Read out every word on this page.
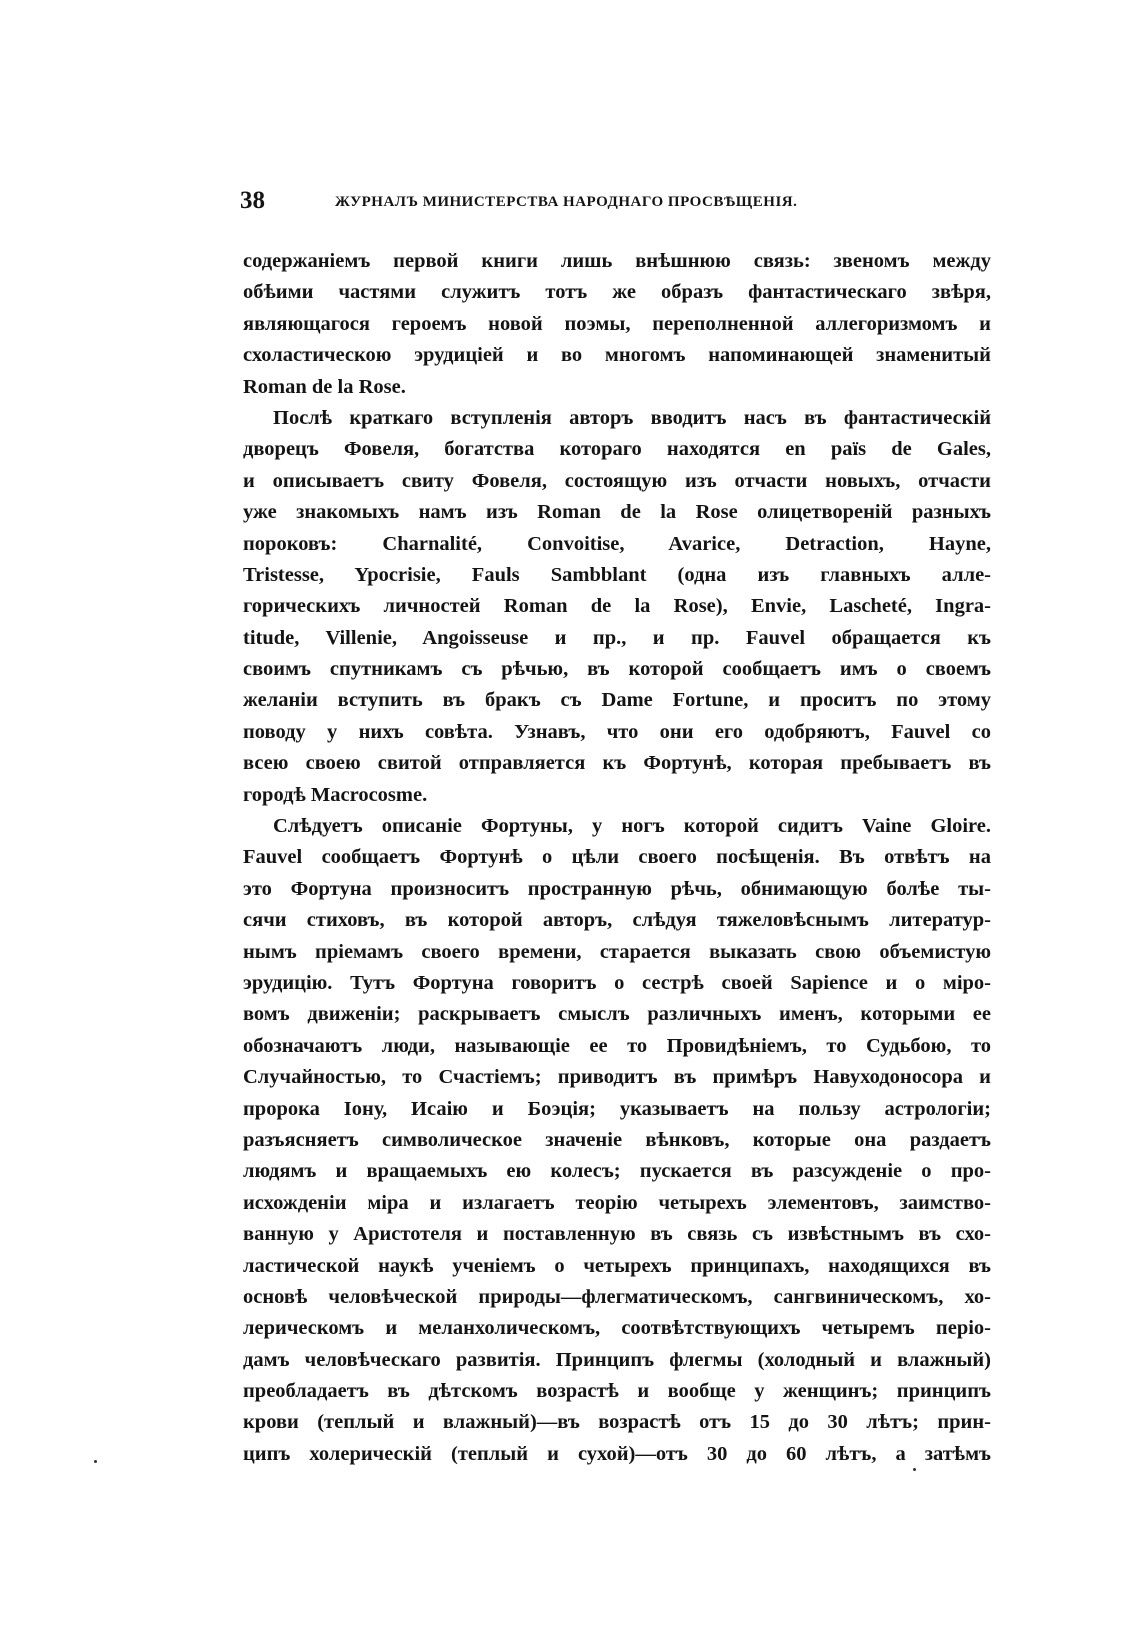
38	ЖУРНАЛЪ МИНИСТЕРСТВА НАРОДНАГО ПРОСВѢЩЕНІЯ.
содержаніемъ первой книги лишь внѣшнюю связь: звеномъ между
обѣими частями служитъ тотъ же образъ фантастическаго звѣря,
являющагося героемъ новой поэмы, переполненной аллегоризмомъ и
схоластическою эрудиціей и во многомъ напоминающей знаменитый
Roman de la Rose.
Послѣ краткаго вступленія авторъ вводитъ насъ въ фантастическій
дворецъ Фовеля, богатства котораго находятся en païs de Gales,
и описываетъ свиту Фовеля, состоящую изъ отчасти новыхъ, отчасти
уже знакомыхъ намъ изъ Roman de la Rose олицетвореній разныхъ
пороковъ: Charnalité, Convoitise, Avarice, Detraction, Hayne,
Tristesse, Ypocrisie, Fauls Sambblant (одна изъ главныхъ алле-
горическихъ личностей Roman de la Rose), Envie, Laschеté, Ingra-
titude, Villenie, Angoisseuse и пр., и пр. Fauvel обращается къ
своимъ спутникамъ съ рѣчью, въ которой сообщаетъ имъ о своемъ
желаніи вступить въ бракъ съ Dame Fortune, и проситъ по этому
поводу у нихъ совѣта. Узнавъ, что они его одобряютъ, Fauvel со
всею своею свитой отправляется къ Фортунѣ, которая пребываетъ въ
городѣ Macrocosme.
Слѣдуетъ описаніе Фортуны, у ногъ которой сидитъ Vaine Gloire.
Fauvel сообщаетъ Фортунѣ о цѣли своего посѣщенія. Въ отвѣтъ на
это Фортуна произноситъ пространную рѣчь, обнимающую болѣе ты-
сячи стиховъ, въ которой авторъ, слѣдуя тяжеловѣснымъ литератур-
нымъ пріемамъ своего времени, старается выказать свою объемистую
эрудицію. Тутъ Фортуна говоритъ о сестрѣ своей Sapience и о міро-
вомъ движеніи; раскрываетъ смыслъ различныхъ именъ, которыми ее
обозначаютъ люди, называющіе ее то Провидѣніемъ, то Судьбою, то
Случайностью, то Счастіемъ; приводитъ въ примѣръ Навуходоносора и
пророка Іону, Исаію и Боэція; указываетъ на пользу астрологіи;
разъясняетъ символическое значеніе вѣнковъ, которые она раздаетъ
людямъ и вращаемыхъ ею колесъ; пускается въ разсужденіе о про-
исхожденіи міра и излагаетъ теорію четырехъ элементовъ, заимство-
ванную у Аристотеля и поставленную въ связь съ извѣстнымъ въ схо-
ластической наукѣ ученіемъ о четырехъ принципахъ, находящихся въ
основѣ человѣческой природы—флегматическомъ, сангвиническомъ, хо-
лерическомъ и меланхолическомъ, соотвѣтствующихъ четыремъ періо-
дамъ человѣческаго развитія. Принципъ флегмы (холодный и влажный)
преобладаетъ въ дѣтскомъ возрастѣ и вообще у женщинъ; принципъ
крови (теплый и влажный)—въ возрастѣ отъ 15 до 30 лѣтъ; прин-
ципъ холерическій (теплый и сухой)—отъ 30 до 60 лѣтъ, а затѣмъ
